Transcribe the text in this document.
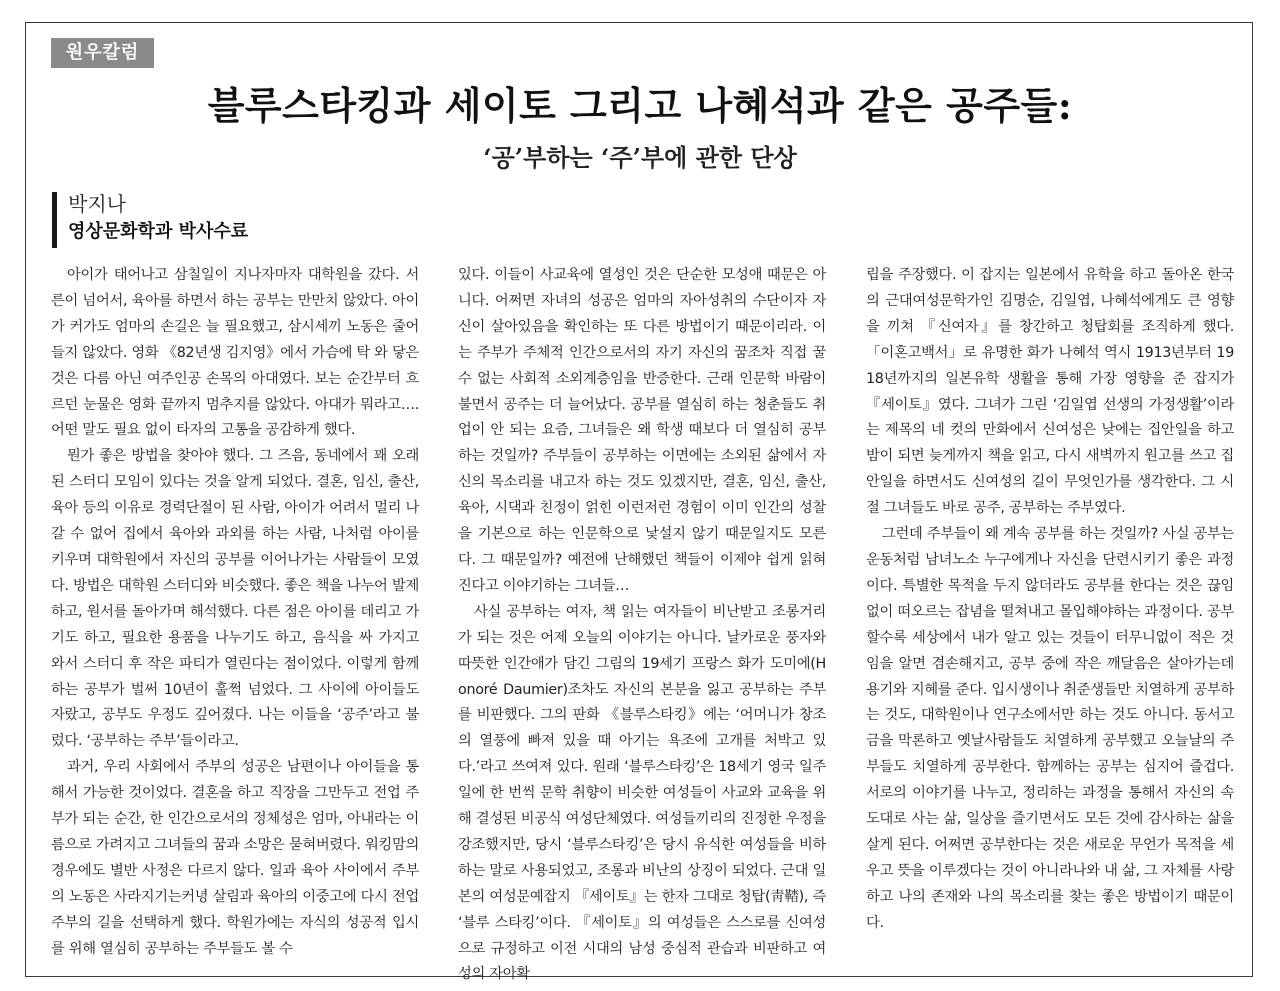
원우칼럼
블루스타킹과 세이토 그리고 나혜석과 같은 공주들:
‘공’부하는 ‘주’부에 관한 단상
박지나
영상문화학과 박사수료

아이가 태어나고 삼칠일이 지나자마자 대학원을 갔다. 서른이 넘어서, 육아를 하면서 하는 공부는 만만치 않았다. 아이가 커가도 엄마의 손길은 늘 필요했고, 삼시세끼 노동은 줄어들지 않았다. 영화 《82년생 김지영》에서 가슴에 탁 와 닿은 것은 다름 아닌 여주인공 손목의 아대였다. 보는 순간부터 흐르던 눈물은 영화 끝까지 멈추지를 않았다. 아대가 뭐라고…. 어떤 말도 필요 없이 타자의 고통을 공감하게 했다.

뭔가 좋은 방법을 찾아야 했다. 그 즈음, 동네에서 꽤 오래된 스터디 모임이 있다는 것을 알게 되었다. 결혼, 임신, 출산, 육아 등의 이유로 경력단절이 된 사람, 아이가 어려서 멀리 나갈 수 없어 집에서 육아와 과외를 하는 사람, 나처럼 아이를 키우며 대학원에서 자신의 공부를 이어나가는 사람들이 모였다. 방법은 대학원 스터디와 비슷했다. 좋은 책을 나누어 발제하고, 원서를 돌아가며 해석했다. 다른 점은 아이를 데리고 가기도 하고, 필요한 용품을 나누기도 하고, 음식을 싸 가지고 와서 스터디 후 작은 파티가 열린다는 점이었다. 이렇게 함께하는 공부가 벌써 10년이 훌쩍 넘었다. 그 사이에 아이들도 자랐고, 공부도 우정도 깊어졌다. 나는 이들을 ‘공주’라고 불렀다. ‘공부하는 주부’들이라고.

과거, 우리 사회에서 주부의 성공은 남편이나 아이들을 통해서 가능한 것이었다. 결혼을 하고 직장을 그만두고 전업 주부가 되는 순간, 한 인간으로서의 정체성은 엄마, 아내라는 이름으로 가려지고 그녀들의 꿈과 소망은 묻혀버렸다. 워킹맘의 경우에도 별반 사정은 다르지 않다. 일과 육아 사이에서 주부의 노동은 사라지기는커녕 살림과 육아의 이중고에 다시 전업 주부의 길을 선택하게 했다. 학원가에는 자식의 성공적 입시를 위해 열심히 공부하는 주부들도 볼 수

있다. 이들이 사교육에 열성인 것은 단순한 모성애 때문은 아니다. 어쩌면 자녀의 성공은 엄마의 자아성취의 수단이자 자신이 살아있음을 확인하는 또 다른 방법이기 때문이리라. 이는 주부가 주체적 인간으로서의 자기 자신의 꿈조차 직접 꿀 수 없는 사회적 소외계층임을 반증한다. 근래 인문학 바람이 불면서 공주는 더 늘어났다. 공부를 열심히 하는 청춘들도 취업이 안 되는 요즘, 그녀들은 왜 학생 때보다 더 열심히 공부하는 것일까? 주부들이 공부하는 이면에는 소외된 삶에서 자신의 목소리를 내고자 하는 것도 있겠지만, 결혼, 임신, 출산, 육아, 시댁과 친정이 얽힌 이런저런 경험이 이미 인간의 성찰을 기본으로 하는 인문학으로 낯설지 않기 때문일지도 모른다. 그 때문일까? 예전에 난해했던 책들이 이제야 쉽게 읽혀진다고 이야기하는 그녀들…

사실 공부하는 여자, 책 읽는 여자들이 비난받고 조롱거리가 되는 것은 어제 오늘의 이야기는 아니다. 날카로운 풍자와 따뜻한 인간애가 담긴 그림의 19세기 프랑스 화가 도미에(Honoré Daumier)조차도 자신의 본분을 잃고 공부하는 주부를 비판했다. 그의 판화 《블루스타킹》에는 ‘어머니가 창조의 열풍에 빠져 있을 때 아기는 욕조에 고개를 처박고 있다.’라고 쓰여져 있다. 원래 ‘블루스타킹’은 18세기 영국 일주일에 한 번씩 문학 취향이 비슷한 여성들이 사교와 교육을 위해 결성된 비공식 여성단체였다. 여성들끼리의 진정한 우정을 강조했지만, 당시 ‘블루스타킹’은 당시 유식한 여성들을 비하하는 말로 사용되었고, 조롱과 비난의 상징이 되었다. 근대 일본의 여성문예잡지 『세이토』는 한자 그대로 청탑(靑鞜), 즉 ‘블루 스타킹’이다. 『세이토』의 여성들은 스스로를 신여성으로 규정하고 이전 시대의 남성 중심적 관습과 비판하고 여성의 자아확

립을 주장했다. 이 잡지는 일본에서 유학을 하고 돌아온 한국의 근대여성문학가인 김명순, 김일엽, 나혜석에게도 큰 영향을 끼쳐 『신여자』를 창간하고 청탑회를 조직하게 했다. 「이혼고백서」로 유명한 화가 나혜석 역시 1913년부터 1918년까지의 일본유학 생활을 통해 가장 영향을 준 잡지가 『세이토』였다. 그녀가 그린 ‘김일엽 선생의 가정생활’이라는 제목의 네 컷의 만화에서 신여성은 낮에는 집안일을 하고 밤이 되면 늦게까지 책을 읽고, 다시 새벽까지 원고를 쓰고 집안일을 하면서도 신여성의 길이 무엇인가를 생각한다. 그 시절 그녀들도 바로 공주, 공부하는 주부였다.

그런데 주부들이 왜 계속 공부를 하는 것일까? 사실 공부는 운동처럼 남녀노소 누구에게나 자신을 단련시키기 좋은 과정이다. 특별한 목적을 두지 않더라도 공부를 한다는 것은 끊임없이 떠오르는 잡념을 떨쳐내고 몰입해야하는 과정이다. 공부할수록 세상에서 내가 알고 있는 것들이 터무니없이 적은 것임을 알면 겸손해지고, 공부 중에 작은 깨달음은 살아가는데 용기와 지혜를 준다. 입시생이나 취준생들만 치열하게 공부하는 것도, 대학원이나 연구소에서만 하는 것도 아니다. 동서고금을 막론하고 옛날사람들도 치열하게 공부했고 오늘날의 주부들도 치열하게 공부한다. 함께하는 공부는 심지어 즐겁다. 서로의 이야기를 나누고, 정리하는 과정을 통해서 자신의 속도대로 사는 삶, 일상을 즐기면서도 모든 것에 감사하는 삶을 살게 된다. 어쩌면 공부한다는 것은 새로운 무언가 목적을 세우고 뜻을 이루겠다는 것이 아니라나와 내 삶, 그 자체를 사랑하고 나의 존재와 나의 목소리를 찾는 좋은 방법이기 때문이다.
